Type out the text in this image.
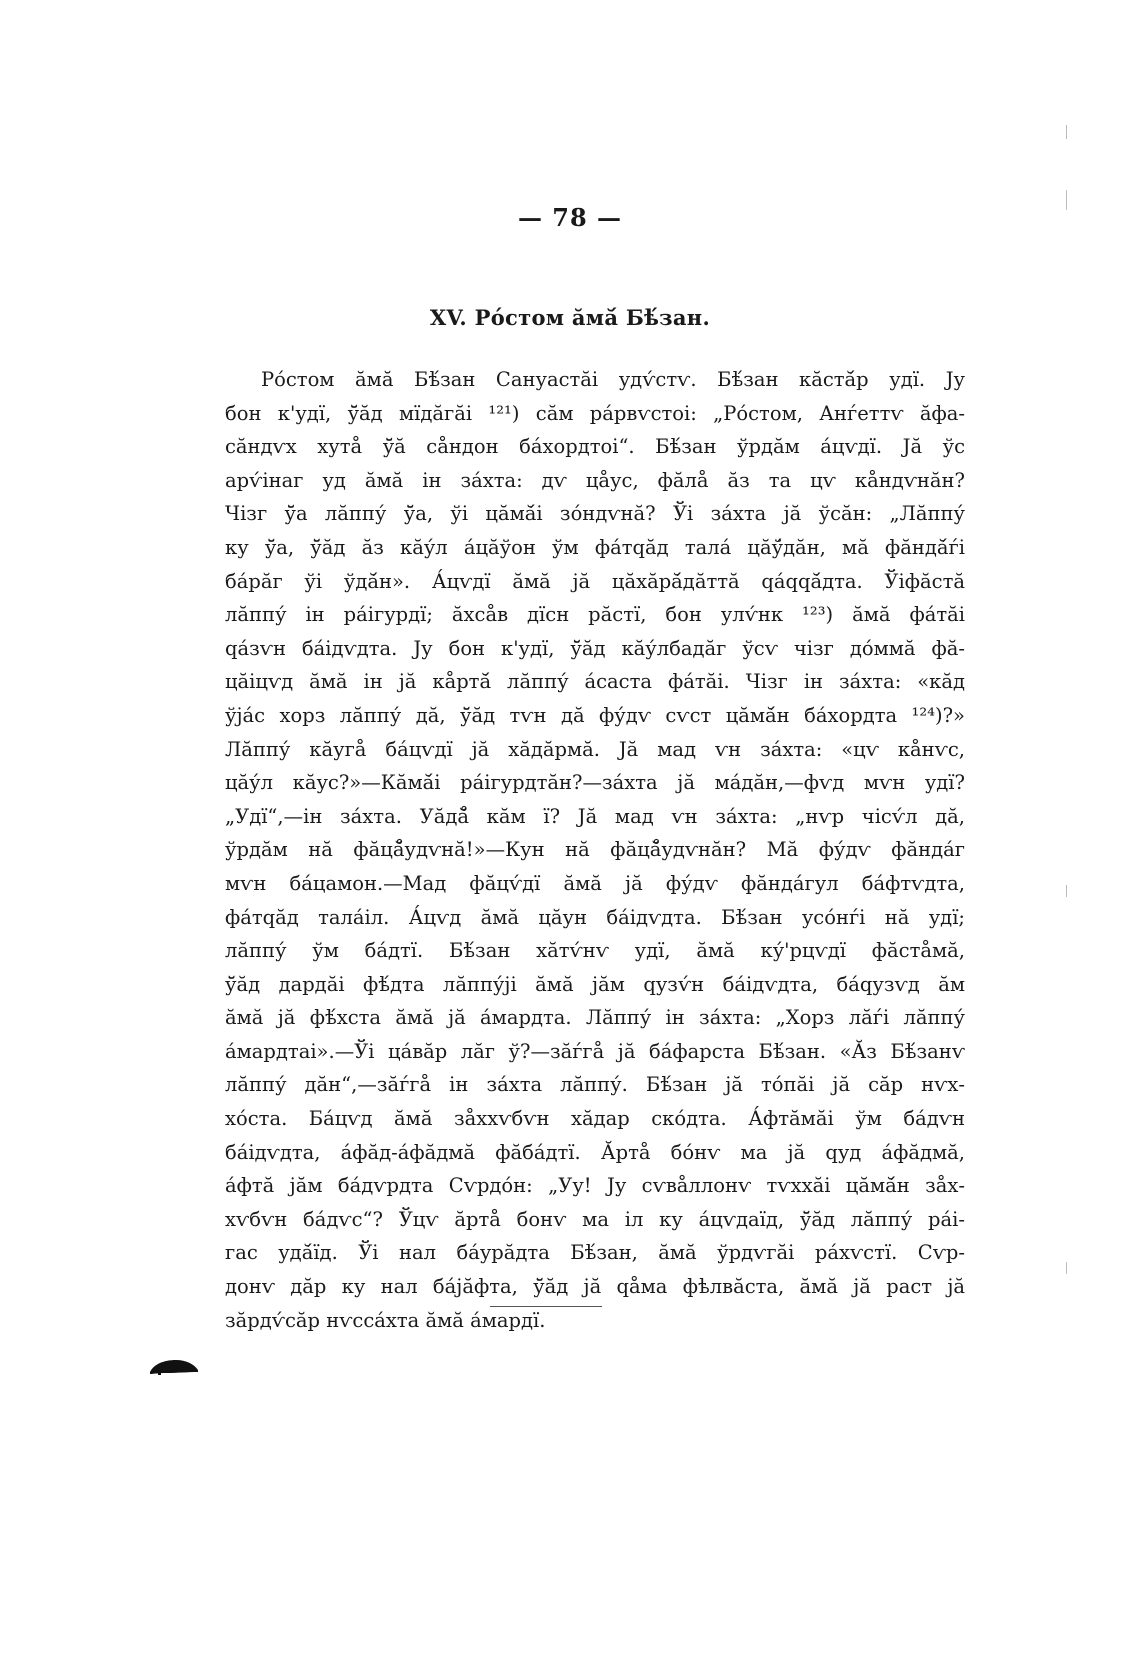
— 78 —
XV. Ро́стом ӑмӑ́ Бѣ́зан.
Ро́стом ӑмӑ Бѣ́зан Сануастӑі удѵ́стѵ. Бѣ́зан кӑстӑ́р удї. Jу
бон к'удї, ў̆ӑд мїдӑгӑі ¹²¹) сӑм ра́рвѵстоі: „Ро́стом, Анѓеттѵ ӑфа-
сӑндѵх хута̊ ў̆ӑ са̊ндон бáхордтоі“. Бѣ́зан ўрдӑм а́цѵдї. Jӑ ўс
арѵ́інаг уд ӑмӑ ін за́хта: дѵ ца̊ус, фӑла̊ ӑз та цѵ ка̊ндѵнӑн?
Чізг ў̆а лӑппу́ ў̆а, ўі цӑмӑ́і зо́ндѵнӑ? Ўі за́хта jӑ ўсӑн: „Лӑппу́
ку ў̆а, ў̆ӑд ӑз кӑу́л а́цӑўон ўм фа́тqӑд тала́ цӑў́дӑн, мӑ фӑндӑ́ѓі
ба́рӑг ўі ўдӑ́н». А́цѵдї ӑмӑ jӑ цӑхӑрӑ́дӑттӑ qа́qqӑ́дта. Ўіфӑстӑ
лӑппу́ ін ра́ігурдї; ӑхса̊в дїсн рӑстї, бон улѵ́нк ¹²³) ӑмӑ фа́тӑі
qа́зѵн ба́ідѵдта. Jу бон к'удї, ў̆ӑд кӑу́лбадӑг ўсѵ чізг до́ммӑ фӑ-
цӑіцѵд ӑмӑ ін jӑ ка̊ртӑ́ лӑппу́ а́саста фа́тӑі. Чізг ін за́хта: «кӑд
ўjа́с хорз лӑппу́ дӑ, ў̆ӑд тѵн дӑ фу́дѵ сѵст цӑмӑ́н ба́хордта ¹²⁴)?»
Лӑппу́ кӑуга̊ бáцѵдї jӑ хӑдӑрмӑ. Jӑ мад ѵн за́хта: «цѵ ка̊нѵс,
цӑу́л кӑус?»—Кӑмӑ́і ра́ігурдтӑн?—за́хта jӑ ма́дӑн,—фѵд мѵн удї?
„Удї“,—ін за́хта. Уӑдӑ̊ кӑм ї? Jӑ мад ѵн за́хта: „нѵр чісѵ́л дӑ,
ўрдӑм нӑ фӑцӑ̊удѵнӑ!»—Кун нӑ фӑцӑ̊удѵнӑн? Мӑ фу́дѵ фӑнда́г
мѵн ба́цамон.—Мад фӑцѵ́дї ӑмӑ jӑ фу́дѵ фӑнда́гул ба́фтѵдта,
фа́тqӑд тала́іл. А́цѵд ӑмӑ цӑун ба́ідѵдта. Бѣ́зан усо́нѓі нӑ удї;
лӑппу́ ўм ба́дтї. Бѣ́зан хӑтѵ́нѵ удї, ӑмӑ ку́'рцѵдї фӑста̊мӑ,
ў̆ӑд дардӑі фѣ́дта лӑппу́jі ӑмӑ jӑм qузѵ́н ба́ідѵдта, ба́qузѵд ӑм
ӑмӑ jӑ фѣ́хста ӑмӑ jӑ а́мардта. Лӑппу́ ін за́хта: „Хорз лӑѓі лӑппу́
а́мардтаі».—Ўі ца́вӑр лӑг ў?—зӑѓга̊ jӑ ба́фарста Бѣ́зан. «Ӑз Бѣ́занѵ
лӑппу́ дӑн“,—зӑѓга̊ ін за́хта лӑппу́. Бѣ́зан jӑ то́пӑі jӑ сӑр нѵх-
хо́ста. Ба́цѵд ӑмӑ за̊ххѵбѵн хӑдар ско́дта. А́фтӑмӑі ўм ба́дѵн
ба́ідѵдта, а́фӑд-а́фӑдмӑ фӑба́дтї. Ӑрта̊ бо́нѵ ма jӑ qуд а́фӑдмӑ,
а́фтӑ jӑм ба́дѵрдта Сѵрдо́н: „Уу! Jу сѵва̊ллонѵ тѵххӑі цӑмӑ́н за̊х-
хѵбѵн ба́дѵс“? Ўцѵ ӑрта̊ бонѵ ма іл ку а́цѵдаїд, ў̆ӑд лӑппу́ ра́і-
гас удӑ́їд. Ўі нал ба́урӑдта Бѣ́зан, ӑмӑ ўрдѵгӑі ра́хѵстї. Сѵр-
донѵ дӑр ку нал ба́jӑфта, ў̆ӑд jӑ qа̊ма фѣлвӑста, ӑмӑ jӑ раст jӑ
зӑрдѵ́сӑр нѵсса́хта ӑмӑ а́мардї.
